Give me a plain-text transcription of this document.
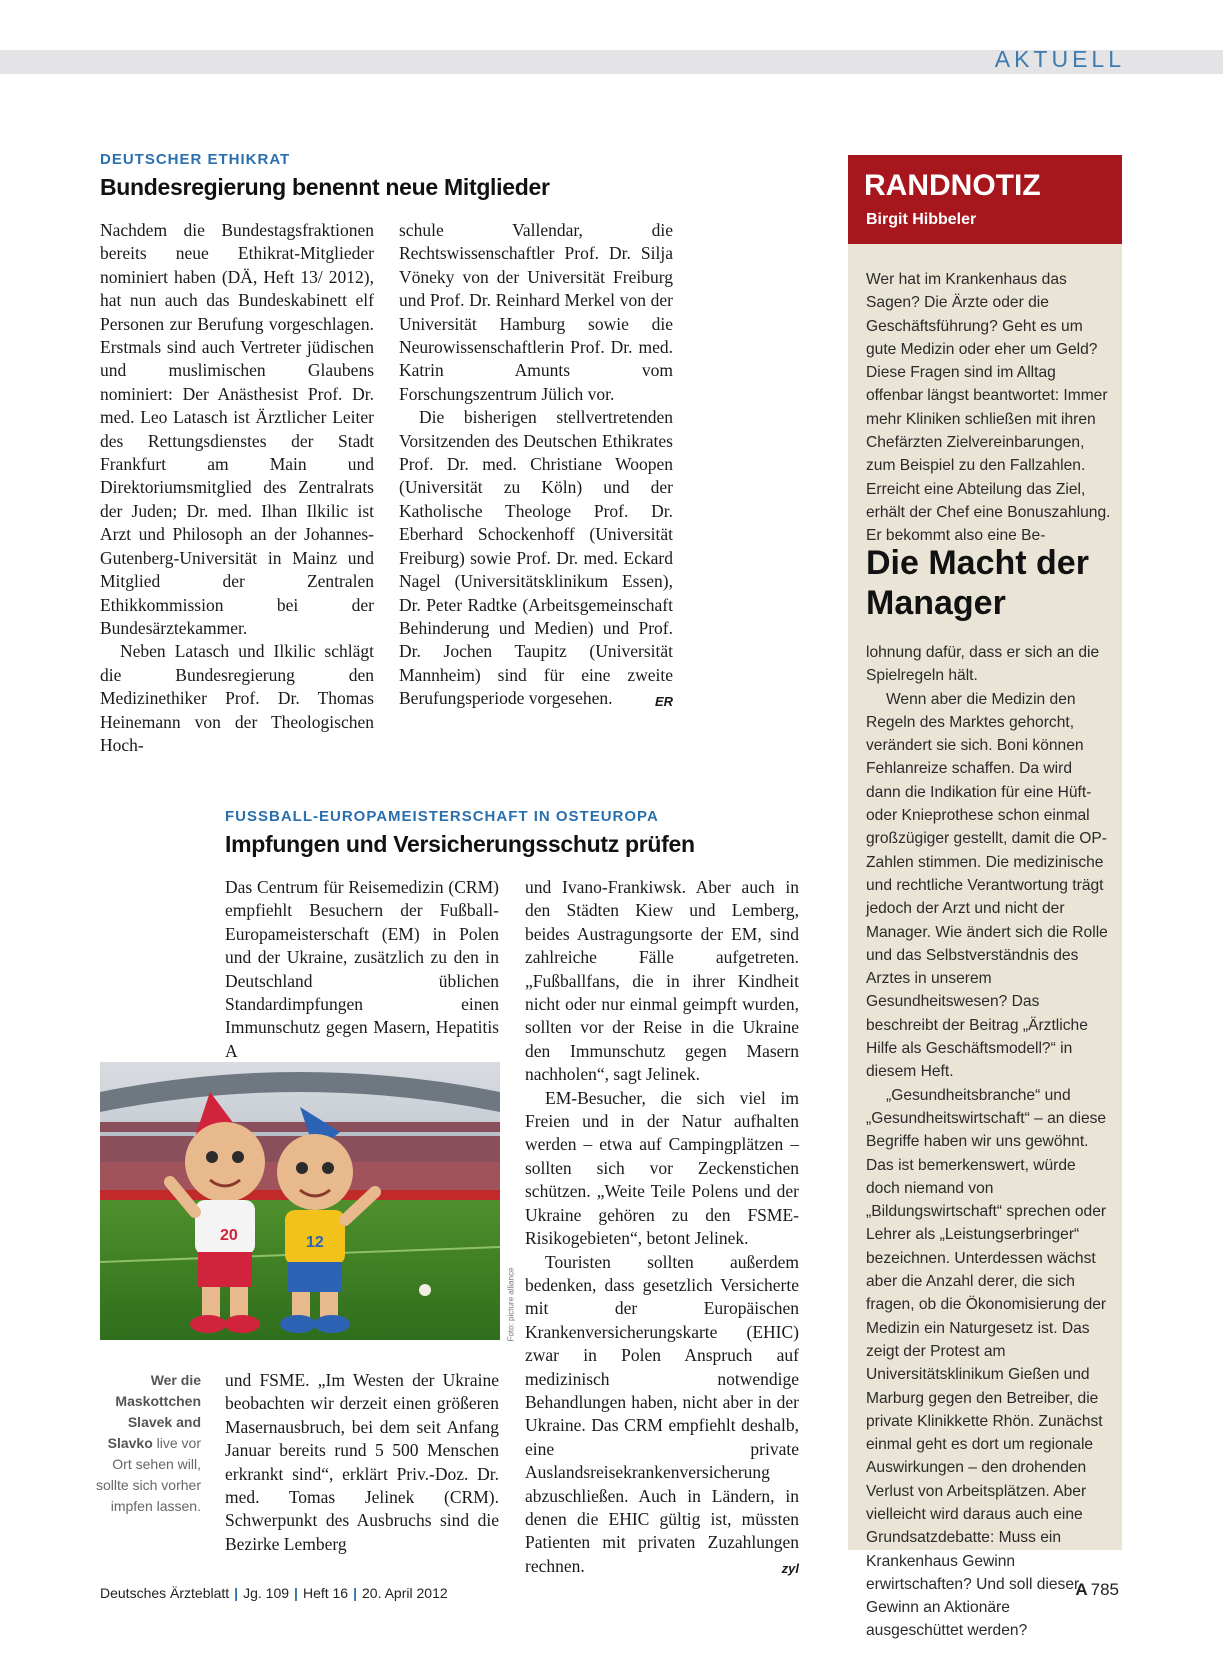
AKTUELL
DEUTSCHER ETHIKRAT
Bundesregierung benennt neue Mitglieder

Nachdem die Bundestagsfraktionen bereits neue Ethikrat-Mitglieder nominiert haben (DÄ, Heft 13/ 2012), hat nun auch das Bundeskabinett elf Personen zur Berufung vorgeschlagen. Erstmals sind auch Vertreter jüdischen und muslimischen Glaubens nominiert: Der Anästhesist Prof. Dr. med. Leo Latasch ist Ärztlicher Leiter des Rettungsdienstes der Stadt Frankfurt am Main und Direktoriumsmitglied des Zentralrats der Juden; Dr. med. Ilhan Ilkilic ist Arzt und Philosoph an der Johannes-Gutenberg-Universität in Mainz und Mitglied der Zentralen Ethikkommission bei der Bundesärztekammer.

Neben Latasch und Ilkilic schlägt die Bundesregierung den Medizinethiker Prof. Dr. Thomas Heinemann von der Theologischen Hoch-

schule Vallendar, die Rechtswissenschaftler Prof. Dr. Silja Vöneky von der Universität Freiburg und Prof. Dr. Reinhard Merkel von der Universität Hamburg sowie die Neurowissenschaftlerin Prof. Dr. med. Katrin Amunts vom Forschungszentrum Jülich vor.

Die bisherigen stellvertretenden Vorsitzenden des Deutschen Ethikrates Prof. Dr. med. Christiane Woopen (Universität zu Köln) und der Katholische Theologe Prof. Dr. Eberhard Schockenhoff (Universität Freiburg) sowie Prof. Dr. med. Eckard Nagel (Universitätsklinikum Essen), Dr. Peter Radtke (Arbeitsgemeinschaft Behinderung und Medien) und Prof. Dr. Jochen Taupitz (Universität Mannheim) sind für eine zweite Berufungsperiode vorgesehen.	ER
FUSSBALL-EUROPAMEISTERSCHAFT IN OSTEUROPA
Impfungen und Versicherungsschutz prüfen

Das Centrum für Reisemedizin (CRM) empfiehlt Besuchern der Fußball-Europameisterschaft (EM) in Polen und der Ukraine, zusätzlich zu den in Deutschland üblichen Standardimpfungen einen Immunschutz gegen Masern, Hepatitis A

20	12
Foto: picture alliance
Wer die Maskottchen Slavek and Slavko live vor Ort sehen will, sollte sich vorher impfen lassen.

und FSME. „Im Westen der Ukraine beobachten wir derzeit einen größeren Masernausbruch, bei dem seit Anfang Januar bereits rund 5 500 Menschen erkrankt sind“, erklärt Priv.-Doz. Dr. med. Tomas Jelinek (CRM). Schwerpunkt des Ausbruchs sind die Bezirke Lemberg

und Ivano-Frankiwsk. Aber auch in den Städten Kiew und Lemberg, beides Austragungsorte der EM, sind zahlreiche Fälle aufgetreten. „Fußballfans, die in ihrer Kindheit nicht oder nur einmal geimpft wurden, sollten vor der Reise in die Ukraine den Immunschutz gegen Masern nachholen“, sagt Jelinek.

EM-Besucher, die sich viel im Freien und in der Natur aufhalten werden – etwa auf Campingplätzen – sollten sich vor Zeckenstichen schützen. „Weite Teile Polens und der Ukraine gehören zu den FSME-Risikogebieten“, betont Jelinek.

Touristen sollten außerdem bedenken, dass gesetzlich Versicherte mit der Europäischen Krankenversicherungskarte (EHIC) zwar in Polen Anspruch auf medizinisch notwendige Behandlungen haben, nicht aber in der Ukraine. Das CRM empfiehlt deshalb, eine private Auslandsreisekrankenversicherung abzuschließen. Auch in Ländern, in denen die EHIC gültig ist, müssten Patienten mit privaten Zuzahlungen rechnen.	zyl
RANDNOTIZ
Birgit Hibbeler

Wer hat im Krankenhaus das Sagen? Die Ärzte oder die Geschäftsführung? Geht es um gute Medizin oder eher um Geld? Diese Fragen sind im Alltag offenbar längst beantwortet: Immer mehr Kliniken schließen mit ihren Chefärzten Zielvereinbarungen, zum Beispiel zu den Fallzahlen. Erreicht eine Abteilung das Ziel, erhält der Chef eine Bonuszahlung. Er bekommt also eine Be-

Die Macht der Manager

lohnung dafür, dass er sich an die Spielregeln hält.

Wenn aber die Medizin den Regeln des Marktes gehorcht, verändert sie sich. Boni können Fehlanreize schaffen. Da wird dann die Indikation für eine Hüft- oder Knieprothese schon einmal großzügiger gestellt, damit die OP-Zahlen stimmen. Die medizinische und rechtliche Verantwortung trägt jedoch der Arzt und nicht der Manager. Wie ändert sich die Rolle und das Selbstverständnis des Arztes in unserem Gesundheitswesen? Das beschreibt der Beitrag „Ärztliche Hilfe als Geschäftsmodell?“ in diesem Heft.

„Gesundheitsbranche“ und „Gesundheitswirtschaft“ – an diese Begriffe haben wir uns gewöhnt. Das ist bemerkenswert, würde doch niemand von „Bildungswirtschaft“ sprechen oder Lehrer als „Leistungserbringer“ bezeichnen. Unterdessen wächst aber die Anzahl derer, die sich fragen, ob die Ökonomisierung der Medizin ein Naturgesetz ist. Das zeigt der Protest am Universitätsklinikum Gießen und Marburg gegen den Betreiber, die private Klinikkette Rhön. Zunächst einmal geht es dort um regionale Auswirkungen – den drohenden Verlust von Arbeitsplätzen. Aber vielleicht wird daraus auch eine Grundsatzdebatte: Muss ein Krankenhaus Gewinn erwirtschaften? Und soll dieser Gewinn an Aktionäre ausgeschüttet werden?

Deutsches Ärzteblatt | Jg. 109 | Heft 16 | 20. April 2012	A 785
